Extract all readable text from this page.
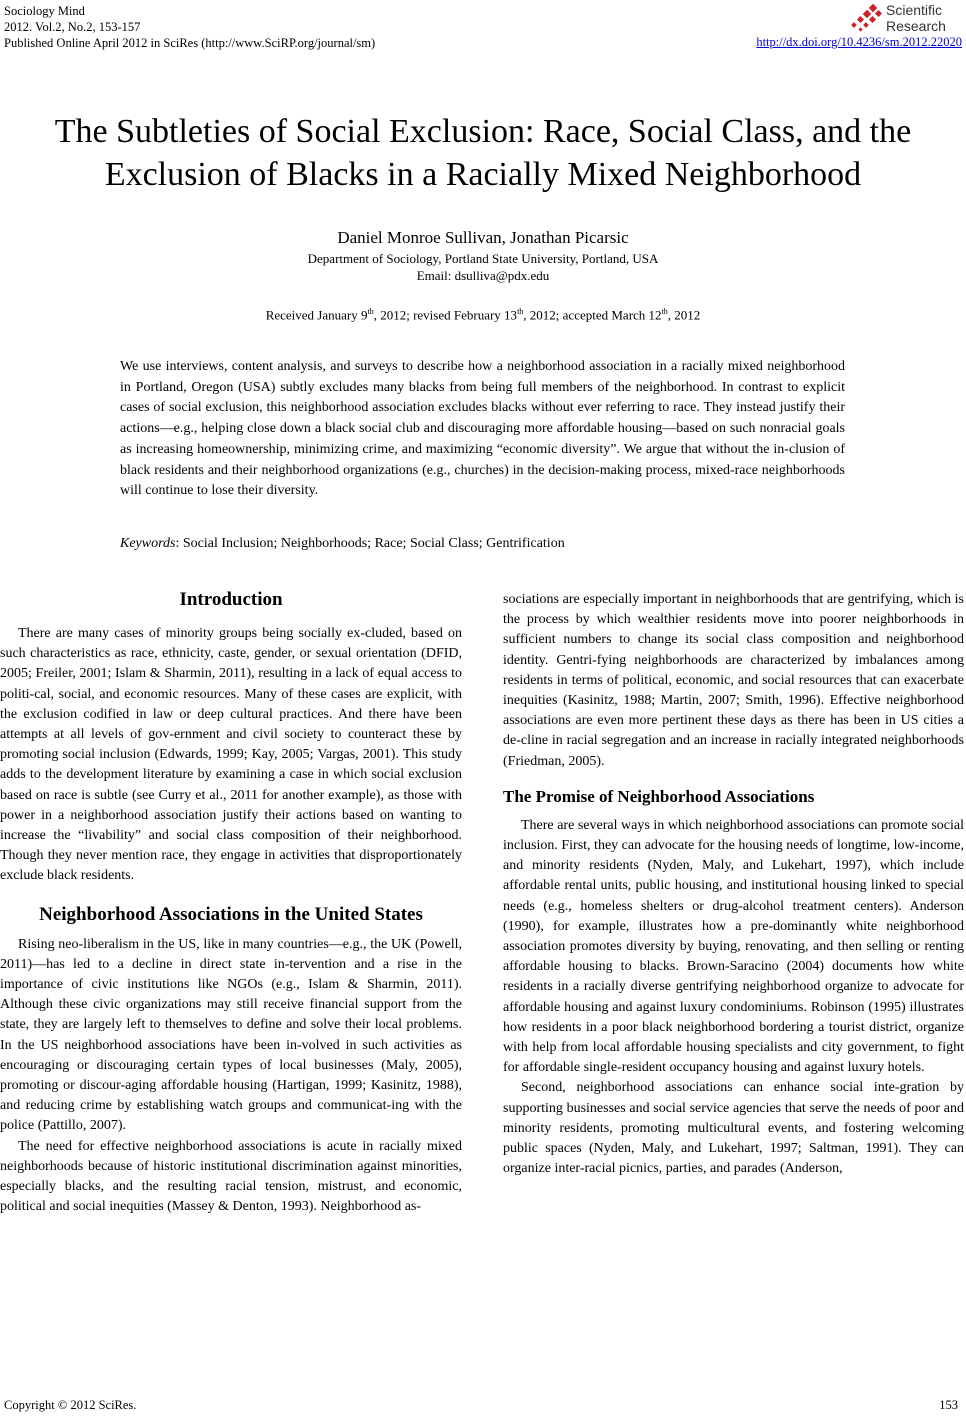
Sociology Mind
2012. Vol.2, No.2, 153-157
Published Online April 2012 in SciRes (http://www.SciRP.org/journal/sm)
Scientific
Research
http://dx.doi.org/10.4236/sm.2012.22020
The Subtleties of Social Exclusion: Race, Social Class, and the
Exclusion of Blacks in a Racially Mixed Neighborhood
Daniel Monroe Sullivan, Jonathan Picarsic
Department of Sociology, Portland State University, Portland, USA
Email: dsulliva@pdx.edu
Received January 9th, 2012; revised February 13th, 2012; accepted March 12th, 2012
We use interviews, content analysis, and surveys to describe how a neighborhood association in a racially mixed neighborhood in Portland, Oregon (USA) subtly excludes many blacks from being full members of the neighborhood. In contrast to explicit cases of social exclusion, this neighborhood association excludes blacks without ever referring to race. They instead justify their actions—e.g., helping close down a black social club and discouraging more affordable housing—based on such nonracial goals as increasing homeownership, minimizing crime, and maximizing “economic diversity”. We argue that without the in-clusion of black residents and their neighborhood organizations (e.g., churches) in the decision-making process, mixed-race neighborhoods will continue to lose their diversity.
Keywords: Social Inclusion; Neighborhoods; Race; Social Class; Gentrification
Introduction

There are many cases of minority groups being socially ex-cluded, based on such characteristics as race, ethnicity, caste, gender, or sexual orientation (DFID, 2005; Freiler, 2001; Islam & Sharmin, 2011), resulting in a lack of equal access to politi-cal, social, and economic resources. Many of these cases are explicit, with the exclusion codified in law or deep cultural practices. And there have been attempts at all levels of gov-ernment and civil society to counteract these by promoting social inclusion (Edwards, 1999; Kay, 2005; Vargas, 2001). This study adds to the development literature by examining a case in which social exclusion based on race is subtle (see Curry et al., 2011 for another example), as those with power in a neighborhood association justify their actions based on wanting to increase the “livability” and social class composition of their neighborhood. Though they never mention race, they engage in activities that disproportionately exclude black residents.

Neighborhood Associations in the United States

Rising neo-liberalism in the US, like in many countries—e.g., the UK (Powell, 2011)—has led to a decline in direct state in-tervention and a rise in the importance of civic institutions like NGOs (e.g., Islam & Sharmin, 2011). Although these civic organizations may still receive financial support from the state, they are largely left to themselves to define and solve their local problems. In the US neighborhood associations have been in-volved in such activities as encouraging or discouraging certain types of local businesses (Maly, 2005), promoting or discour-aging affordable housing (Hartigan, 1999; Kasinitz, 1988), and reducing crime by establishing watch groups and communicat-ing with the police (Pattillo, 2007).

The need for effective neighborhood associations is acute in racially mixed neighborhoods because of historic institutional discrimination against minorities, especially blacks, and the resulting racial tension, mistrust, and economic, political and social inequities (Massey & Denton, 1993). Neighborhood as-

sociations are especially important in neighborhoods that are gentrifying, which is the process by which wealthier residents move into poorer neighborhoods in sufficient numbers to change its social class composition and neighborhood identity. Gentri-fying neighborhoods are characterized by imbalances among residents in terms of political, economic, and social resources that can exacerbate inequities (Kasinitz, 1988; Martin, 2007; Smith, 1996). Effective neighborhood associations are even more pertinent these days as there has been in US cities a de-cline in racial segregation and an increase in racially integrated neighborhoods (Friedman, 2005).

The Promise of Neighborhood Associations

There are several ways in which neighborhood associations can promote social inclusion. First, they can advocate for the housing needs of longtime, low-income, and minority residents (Nyden, Maly, and Lukehart, 1997), which include affordable rental units, public housing, and institutional housing linked to special needs (e.g., homeless shelters or drug-alcohol treatment centers). Anderson (1990), for example, illustrates how a pre-dominantly white neighborhood association promotes diversity by buying, renovating, and then selling or renting affordable housing to blacks. Brown-Saracino (2004) documents how white residents in a racially diverse gentrifying neighborhood organize to advocate for affordable housing and against luxury condominiums. Robinson (1995) illustrates how residents in a poor black neighborhood bordering a tourist district, organize with help from local affordable housing specialists and city government, to fight for affordable single-resident occupancy housing and against luxury hotels.

Second, neighborhood associations can enhance social inte-gration by supporting businesses and social service agencies that serve the needs of poor and minority residents, promoting multicultural events, and fostering welcoming public spaces (Nyden, Maly, and Lukehart, 1997; Saltman, 1991). They can organize inter-racial picnics, parties, and parades (Anderson,

Copyright © 2012 SciRes.	153
